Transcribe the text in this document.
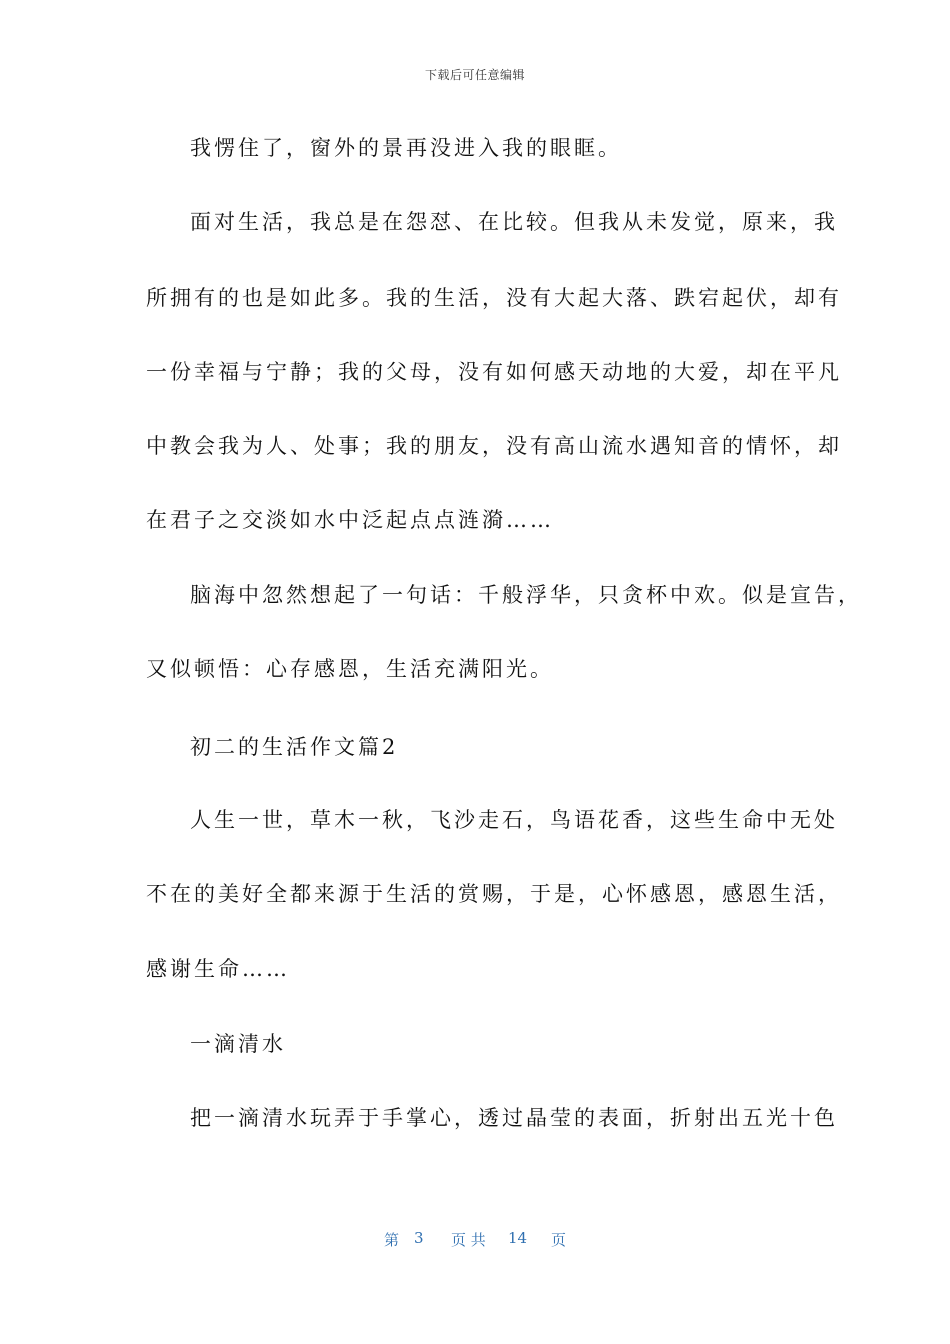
下载后可任意编辑
我愣住了，窗外的景再没进入我的眼眶。
面对生活，我总是在怨怼、在比较。但我从未发觉，原来，我
所拥有的也是如此多。我的生活，没有大起大落、跌宕起伏，却有
一份幸福与宁静；我的父母，没有如何感天动地的大爱，却在平凡
中教会我为人、处事；我的朋友，没有高山流水遇知音的情怀，却
在君子之交淡如水中泛起点点涟漪……
脑海中忽然想起了一句话：千般浮华，只贪杯中欢。似是宣告，
又似顿悟：心存感恩，生活充满阳光。
初二的生活作文篇2
人生一世，草木一秋，飞沙走石，鸟语花香，这些生命中无处
不在的美好全都来源于生活的赏赐，于是，心怀感恩，感恩生活，
感谢生命……
一滴清水
把一滴清水玩弄于手掌心，透过晶莹的表面，折射出五光十色
第 3 页 共 14 页
